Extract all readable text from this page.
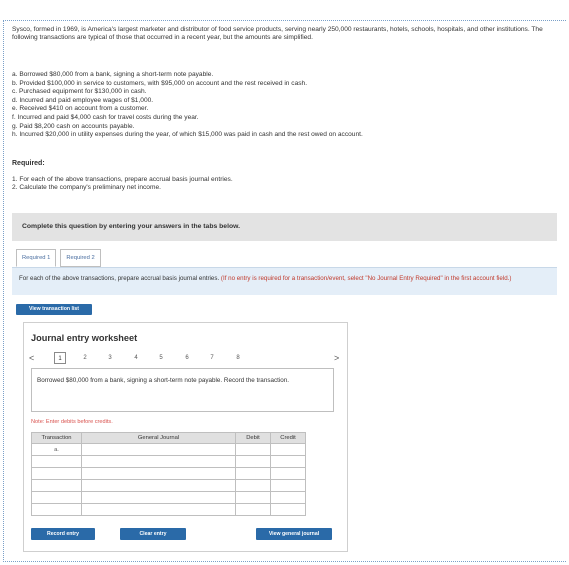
Sysco, formed in 1969, is America's largest marketer and distributor of food service products, serving nearly 250,000 restaurants, hotels, schools, hospitals, and other institutions. The following transactions are typical of those that occurred in a recent year, but the amounts are simplified.
a. Borrowed $80,000 from a bank, signing a short-term note payable.
b. Provided $100,000 in service to customers, with $95,000 on account and the rest received in cash.
c. Purchased equipment for $130,000 in cash.
d. Incurred and paid employee wages of $1,000.
e. Received $410 on account from a customer.
f. Incurred and paid $4,000 cash for travel costs during the year.
g. Paid $8,200 cash on accounts payable.
h. Incurred $20,000 in utility expenses during the year, of which $15,000 was paid in cash and the rest owed on account.
Required:
1. For each of the above transactions, prepare accrual basis journal entries.
2. Calculate the company's preliminary net income.
Complete this question by entering your answers in the tabs below.
Required 1	Required 2
For each of the above transactions, prepare accrual basis journal entries. (If no entry is required for a transaction/event, select "No Journal Entry Required" in the first account field.)
View transaction list
Journal entry worksheet
<	1	2	3	4	5	6	7	8	>
Borrowed $80,000 from a bank, signing a short-term note payable. Record the transaction.
Note: Enter debits before credits.
Transaction	General Journal	Debit	Credit
a.			

Record entry	Clear entry	View general journal
